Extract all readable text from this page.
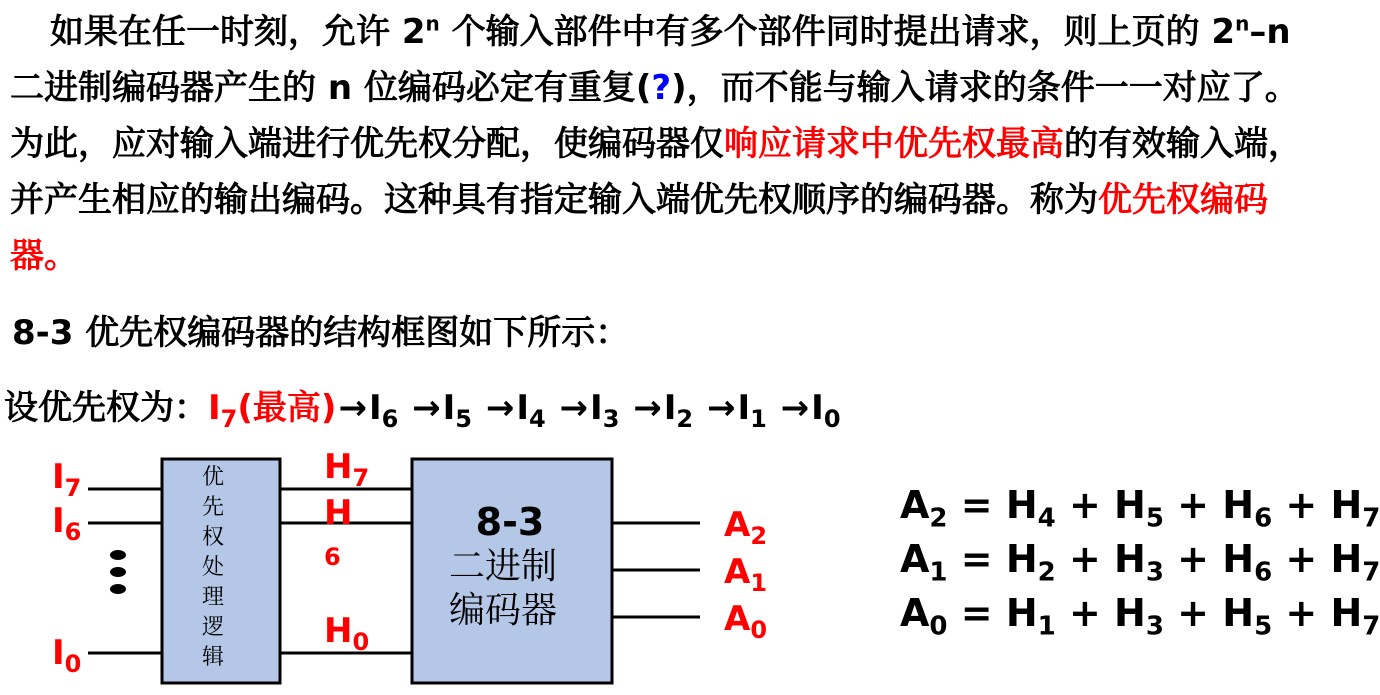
如果在任一时刻，允许 2$^n$ 个输入部件中有多个部件同时提出请求，则上页的 2$^n$–n 二进制编码器产生的 n 位编码必定有重复(?)，而不能与输入请求的条件一一对应了。为此，应对输入端进行优先权分配，使编码器仅响应请求中优先权最高的有效输入端，并产生相应的输出编码。这种具有指定输入端优先权顺序的编码器。称为优先权编码器。

8-3 优先权编码器的结构框图如下所示：
设优先权为：$I_7$(最高)$\to I_6 \to I_5 \to I_4 \to I_3 \to I_2 \to I_1 \to I_0$
$I_7$
$I_6$
$I_0$
优
先
权
处
理
逻
辑
$H_7$
H
6
$H_0$
8-3
二进制
编码器
$A_2$
$A_1$
$A_0$
$A_2 = H_4 + H_5 + H_6 + H_7$
$A_1 = H_2 + H_3 + H_6 + H_7$
$A_0 = H_1 + H_3 + H_5 + H_7$
